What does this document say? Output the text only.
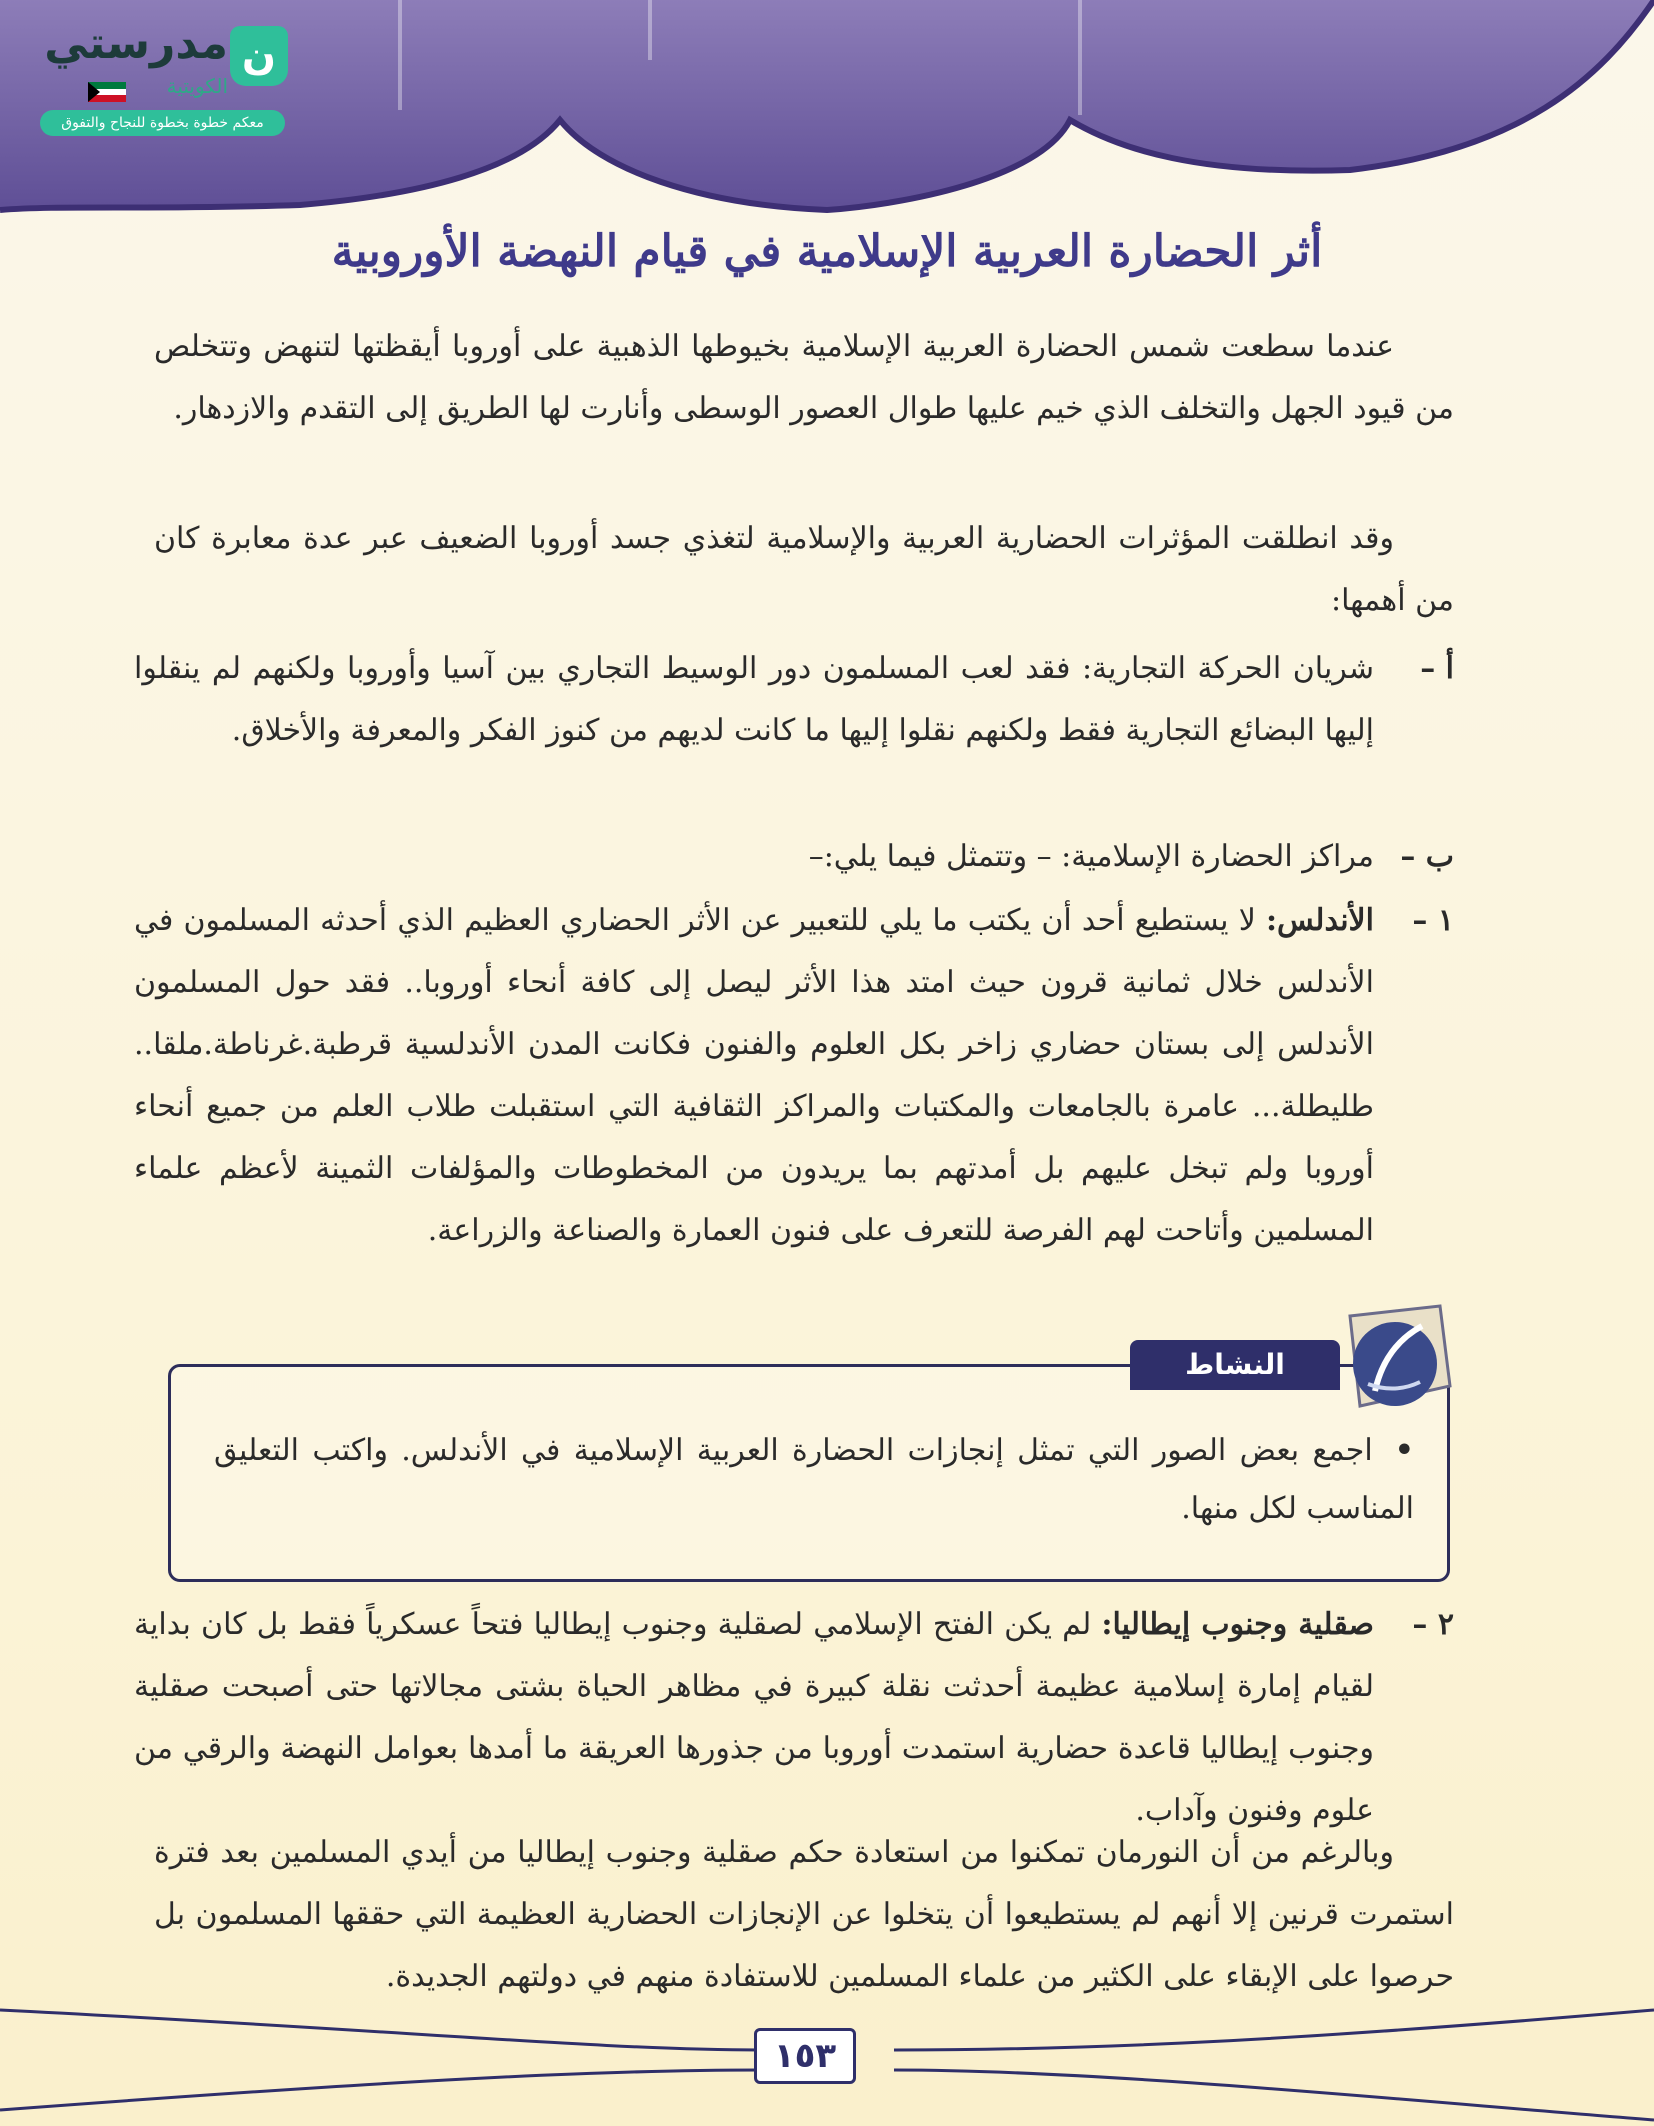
ن
مدرستي
الكويتية
معكم خطوة بخطوة للنجاح والتفوق
أثر الحضارة العربية الإسلامية في قيام النهضة الأوروبية

عندما سطعت شمس الحضارة العربية الإسلامية بخيوطها الذهبية على أوروبا أيقظتها لتنهض وتتخلص من قيود الجهل والتخلف الذي خيم عليها طوال العصور الوسطى وأنارت لها الطريق إلى التقدم والازدهار.

وقد انطلقت المؤثرات الحضارية العربية والإسلامية لتغذي جسد أوروبا الضعيف عبر عدة معابرة كان من أهمها:

أ –
شريان الحركة التجارية: فقد لعب المسلمون دور الوسيط التجاري بين آسيا وأوروبا ولكنهم لم ينقلوا إليها البضائع التجارية فقط ولكنهم نقلوا إليها ما كانت لديهم من كنوز الفكر والمعرفة والأخلاق.
ب –
مراكز الحضارة الإسلامية: – وتتمثل فيما يلي:–
١ –
الأندلس: لا يستطيع أحد أن يكتب ما يلي للتعبير عن الأثر الحضاري العظيم الذي أحدثه المسلمون في الأندلس خلال ثمانية قرون حيث امتد هذا الأثر ليصل إلى كافة أنحاء أوروبا.. فقد حول المسلمون الأندلس إلى بستان حضاري زاخر بكل العلوم والفنون فكانت المدن الأندلسية قرطبة.غرناطة.ملقا.. طليطلة... عامرة بالجامعات والمكتبات والمراكز الثقافية التي استقبلت طلاب العلم من جميع أنحاء أوروبا ولم تبخل عليهم بل أمدتهم بما يريدون من المخطوطات والمؤلفات الثمينة لأعظم علماء المسلمين وأتاحت لهم الفرصة للتعرف على فنون العمارة والصناعة والزراعة.
النشاط

• اجمع بعض الصور التي تمثل إنجازات الحضارة العربية الإسلامية في الأندلس. واكتب التعليق المناسب لكل منها.

٢ –
صقلية وجنوب إيطاليا: لم يكن الفتح الإسلامي لصقلية وجنوب إيطاليا فتحاً عسكرياً فقط بل كان بداية لقيام إمارة إسلامية عظيمة أحدثت نقلة كبيرة في مظاهر الحياة بشتى مجالاتها حتى أصبحت صقلية وجنوب إيطاليا قاعدة حضارية استمدت أوروبا من جذورها العريقة ما أمدها بعوامل النهضة والرقي من علوم وفنون وآداب.

وبالرغم من أن النورمان تمكنوا من استعادة حكم صقلية وجنوب إيطاليا من أيدي المسلمين بعد فترة استمرت قرنين إلا أنهم لم يستطيعوا أن يتخلوا عن الإنجازات الحضارية العظيمة التي حققها المسلمون بل حرصوا على الإبقاء على الكثير من علماء المسلمين للاستفادة منهم في دولتهم الجديدة.

١٥٣
